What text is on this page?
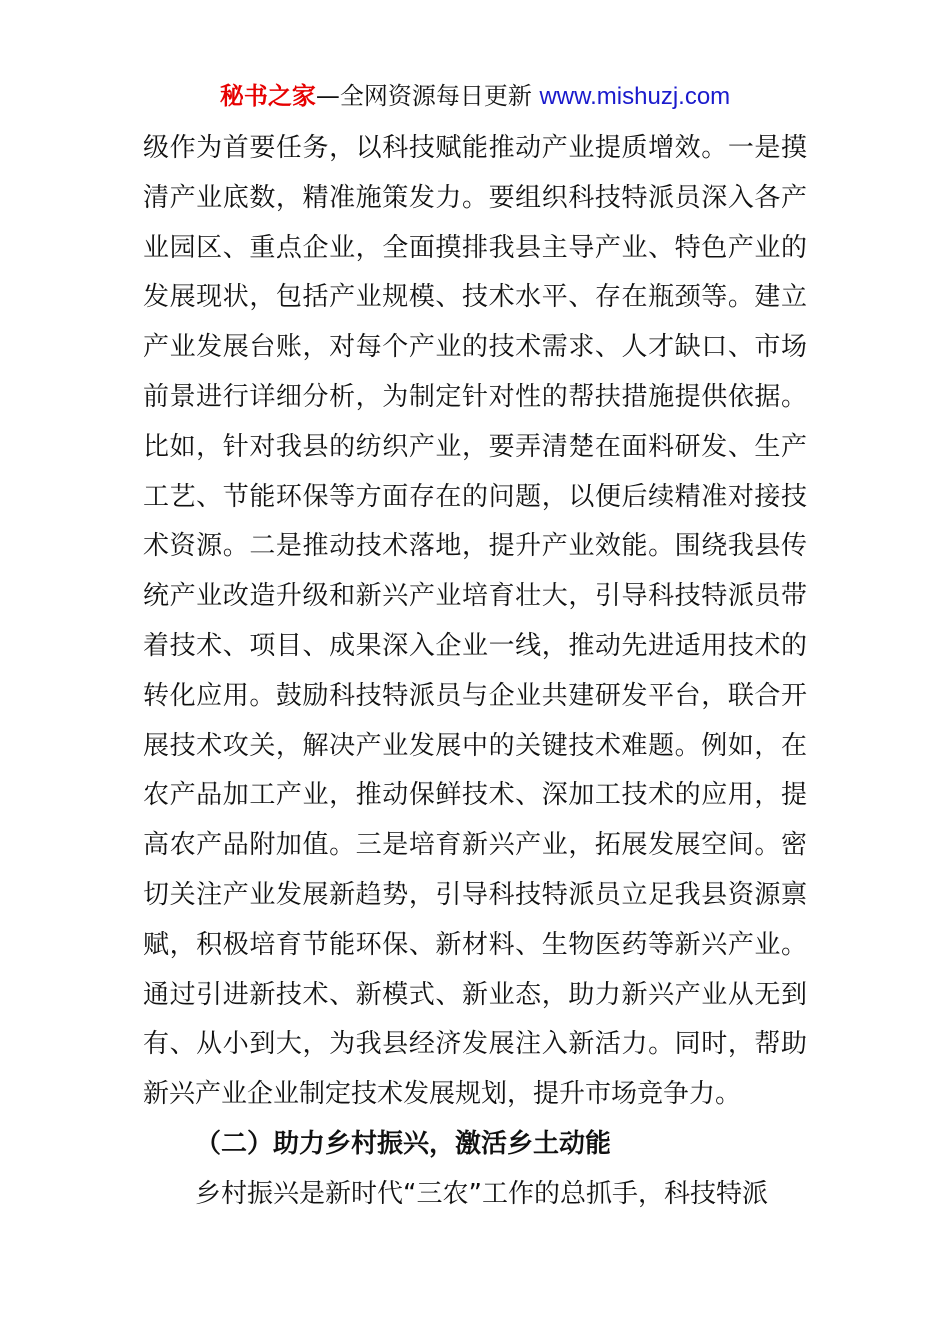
秘书之家—全网资源每日更新 www.mishuzj.com
级作为首要任务，以科技赋能推动产业提质增效。一是摸
清产业底数，精准施策发力。要组织科技特派员深入各产
业园区、重点企业，全面摸排我县主导产业、特色产业的
发展现状，包括产业规模、技术水平、存在瓶颈等。建立
产业发展台账，对每个产业的技术需求、人才缺口、市场
前景进行详细分析，为制定针对性的帮扶措施提供依据。
比如，针对我县的纺织产业，要弄清楚在面料研发、生产
工艺、节能环保等方面存在的问题，以便后续精准对接技
术资源。二是推动技术落地，提升产业效能。围绕我县传
统产业改造升级和新兴产业培育壮大，引导科技特派员带
着技术、项目、成果深入企业一线，推动先进适用技术的
转化应用。鼓励科技特派员与企业共建研发平台，联合开
展技术攻关，解决产业发展中的关键技术难题。例如，在
农产品加工产业，推动保鲜技术、深加工技术的应用，提
高农产品附加值。三是培育新兴产业，拓展发展空间。密
切关注产业发展新趋势，引导科技特派员立足我县资源禀
赋，积极培育节能环保、新材料、生物医药等新兴产业。
通过引进新技术、新模式、新业态，助力新兴产业从无到
有、从小到大，为我县经济发展注入新活力。同时，帮助
新兴产业企业制定技术发展规划，提升市场竞争力。
（二）助力乡村振兴，激活乡土动能
乡村振兴是新时代“三农”工作的总抓手，科技特派
